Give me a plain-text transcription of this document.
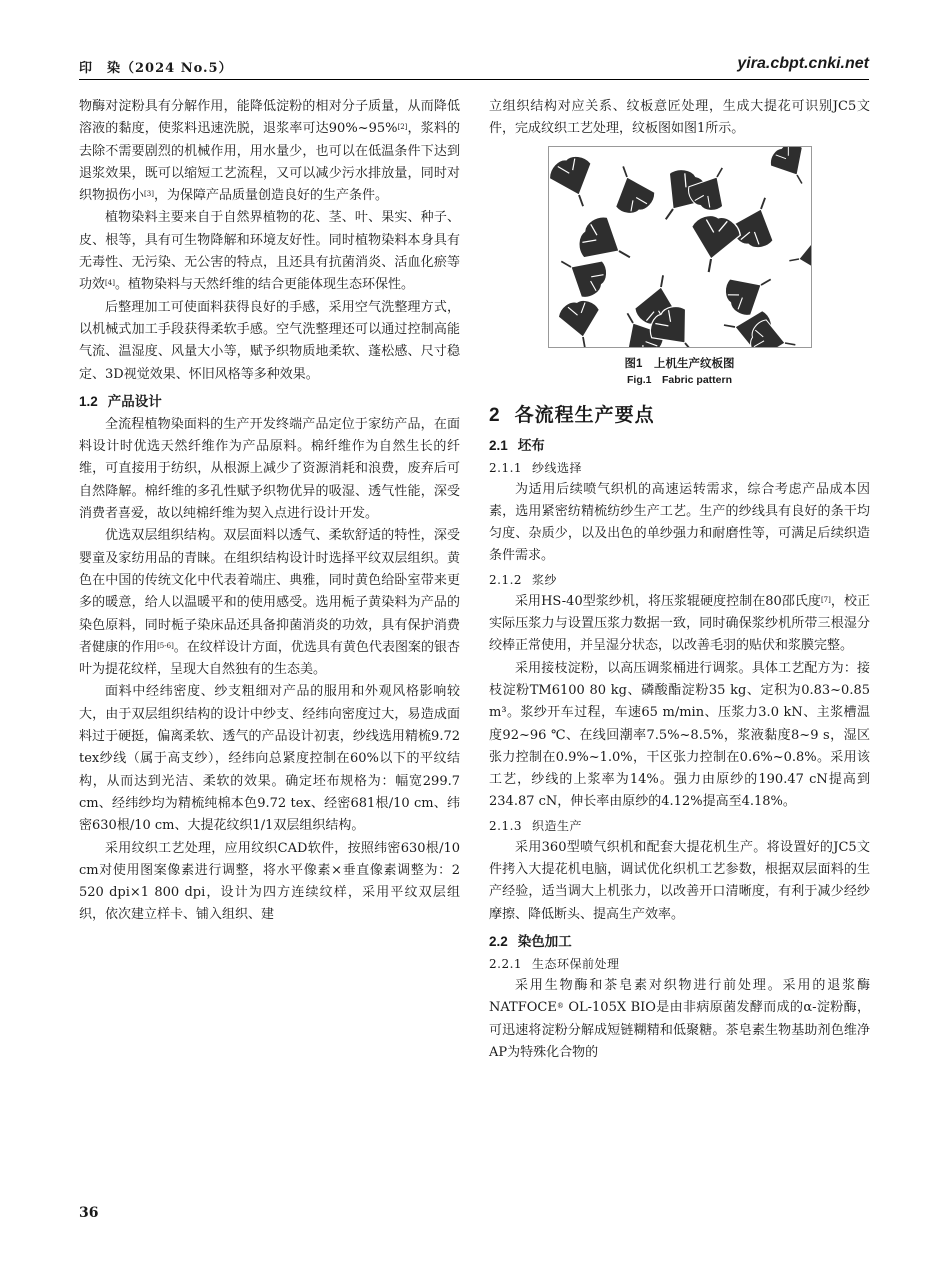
印　染（2024 No.5）	yira.cbpt.cnki.net

物酶对淀粉具有分解作用，能降低淀粉的相对分子质量，从而降低溶液的黏度，使浆料迅速洗脱，退浆率可达90%~95%[2]，浆料的去除不需要剧烈的机械作用，用水量少，也可以在低温条件下达到退浆效果，既可以缩短工艺流程，又可以减少污水排放量，同时对织物损伤小[3]，为保障产品质量创造良好的生产条件。

植物染料主要来自于自然界植物的花、茎、叶、果实、种子、皮、根等，具有可生物降解和环境友好性。同时植物染料本身具有无毒性、无污染、无公害的特点，且还具有抗菌消炎、活血化瘀等功效[4]。植物染料与天然纤维的结合更能体现生态环保性。

后整理加工可使面料获得良好的手感，采用空气洗整理方式，以机械式加工手段获得柔软手感。空气洗整理还可以通过控制高能气流、温湿度、风量大小等，赋予织物质地柔软、蓬松感、尺寸稳定、3D视觉效果、怀旧风格等多种效果。

1.2 产品设计

全流程植物染面料的生产开发终端产品定位于家纺产品，在面料设计时优选天然纤维作为产品原料。棉纤维作为自然生长的纤维，可直接用于纺织，从根源上减少了资源消耗和浪费，废弃后可自然降解。棉纤维的多孔性赋予织物优异的吸湿、透气性能，深受消费者喜爱，故以纯棉纤维为契入点进行设计开发。

优选双层组织结构。双层面料以透气、柔软舒适的特性，深受婴童及家纺用品的青睐。在组织结构设计时选择平纹双层组织。黄色在中国的传统文化中代表着端庄、典雅，同时黄色给卧室带来更多的暖意，给人以温暖平和的使用感受。选用栀子黄染料为产品的染色原料，同时栀子染床品还具备抑菌消炎的功效，具有保护消费者健康的作用[5-6]。在纹样设计方面，优选具有黄色代表图案的银杏叶为提花纹样，呈现大自然独有的生态美。

面料中经纬密度、纱支粗细对产品的服用和外观风格影响较大，由于双层组织结构的设计中纱支、经纬向密度过大，易造成面料过于硬挺，偏离柔软、透气的产品设计初衷，纱线选用精梳9.72 tex纱线（属于高支纱），经纬向总紧度控制在60%以下的平纹结构，从而达到光洁、柔软的效果。确定坯布规格为：幅宽299.7 cm、经纬纱均为精梳纯棉本色9.72 tex、经密681根/10 cm、纬密630根/10 cm、大提花纹织1/1双层组织结构。

采用纹织工艺处理，应用纹织CAD软件，按照纬密630根/10 cm对使用图案像素进行调整，将水平像素×垂直像素调整为：2 520 dpi×1 800 dpi，设计为四方连续纹样，采用平纹双层组织，依次建立样卡、铺入组织、建

立组织结构对应关系、纹板意匠处理，生成大提花可识别JC5文件，完成纹织工艺处理，纹板图如图1所示。

图1　上机生产纹板图
Fig.1　Fabric pattern
2 各流程生产要点
2.1 坯布
2.1.1 纱线选择

为适用后续喷气织机的高速运转需求，综合考虑产品成本因素，选用紧密纺精梳纺纱生产工艺。生产的纱线具有良好的条干均匀度、杂质少，以及出色的单纱强力和耐磨性等，可满足后续织造条件需求。

2.1.2 浆纱

采用HS-40型浆纱机，将压浆辊硬度控制在80邵氏度[7]，校正实际压浆力与设置压浆力数据一致，同时确保浆纱机所带三根湿分绞棒正常使用，并呈湿分状态，以改善毛羽的贴伏和浆膜完整。

采用接枝淀粉，以高压调浆桶进行调浆。具体工艺配方为：接枝淀粉TM6100 80 kg、磷酸酯淀粉35 kg、定积为0.83~0.85 m³。浆纱开车过程，车速65 m/min、压浆力3.0 kN、主浆槽温度92~96 ℃、在线回潮率7.5%~8.5%，浆液黏度8~9 s，湿区张力控制在0.9%~1.0%，干区张力控制在0.6%~0.8%。采用该工艺，纱线的上浆率为14%。强力由原纱的190.47 cN提高到234.87 cN，伸长率由原纱的4.12%提高至4.18%。

2.1.3 织造生产

采用360型喷气织机和配套大提花机生产。将设置好的JC5文件拷入大提花机电脑，调试优化织机工艺参数，根据双层面料的生产经验，适当调大上机张力，以改善开口清晰度，有利于减少经纱摩擦、降低断头、提高生产效率。

2.2 染色加工
2.2.1 生态环保前处理

采用生物酶和茶皂素对织物进行前处理。采用的退浆酶NATFOCE® OL-105X BIO是由非病原菌发酵而成的α-淀粉酶，可迅速将淀粉分解成短链糊精和低聚糖。茶皂素生物基助剂色维净AP为特殊化合物的

36
